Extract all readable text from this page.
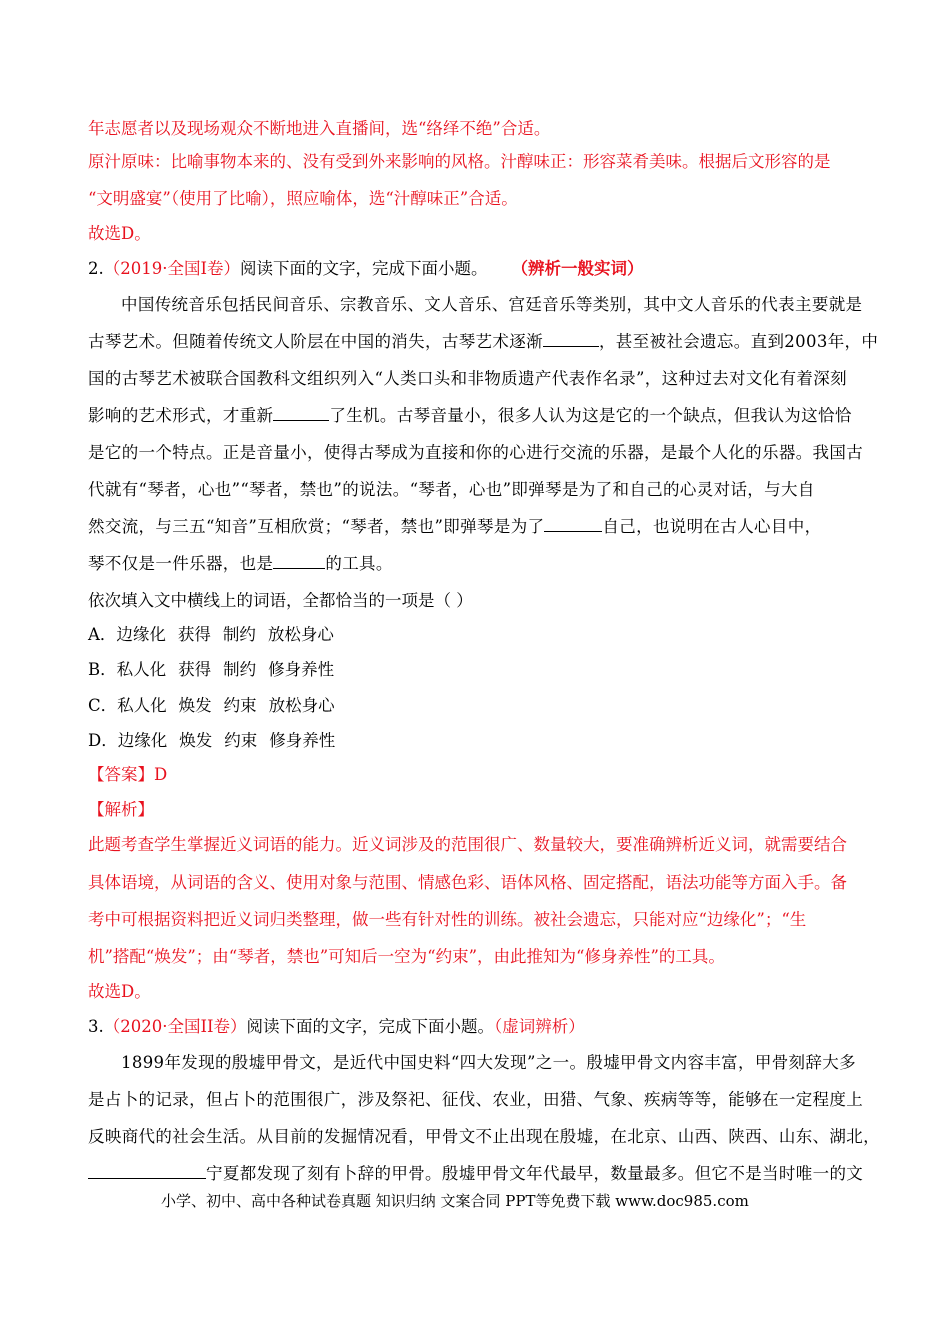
年志愿者以及现场观众不断地进入直播间，选“络绎不绝”合适。
原汁原味：比喻事物本来的、没有受到外来影响的风格。汁醇味正：形容菜肴美味。根据后文形容的是
“文明盛宴”（使用了比喻），照应喻体，选“汁醇味正”合适。
故选D。
2.（2019·全国I卷）阅读下面的文字，完成下面小题。 （辨析一般实词）
中国传统音乐包括民间音乐、宗教音乐、文人音乐、宫廷音乐等类别，其中文人音乐的代表主要就是
古琴艺术。但随着传统文人阶层在中国的消失，古琴艺术逐渐	，甚至被社会遗忘。直到2003年，中
国的古琴艺术被联合国教科文组织列入“人类口头和非物质遗产代表作名录”，这种过去对文化有着深刻
影响的艺术形式，才重新	了生机。古琴音量小，很多人认为这是它的一个缺点，但我认为这恰恰
是它的一个特点。正是音量小，使得古琴成为直接和你的心进行交流的乐器，是最个人化的乐器。我国古
代就有“琴者，心也”“琴者，禁也”的说法。“琴者，心也”即弹琴是为了和自己的心灵对话，与大自
然交流，与三五“知音”互相欣赏；“琴者，禁也”即弹琴是为了	自己，也说明在古人心目中，
琴不仅是一件乐器，也是	的工具。
依次填入文中横线上的词语，全都恰当的一项是（ ）
A．边缘化 获得 制约 放松身心
B．私人化 获得 制约 修身养性
C．私人化 焕发 约束 放松身心
D．边缘化 焕发 约束 修身养性
【答案】D
【解析】
此题考查学生掌握近义词语的能力。近义词涉及的范围很广、数量较大，要准确辨析近义词，就需要结合
具体语境，从词语的含义、使用对象与范围、情感色彩、语体风格、固定搭配，语法功能等方面入手。备
考中可根据资料把近义词归类整理，做一些有针对性的训练。被社会遗忘，只能对应“边缘化”；“生
机”搭配“焕发”；由“琴者，禁也”可知后一空为“约束”，由此推知为“修身养性”的工具。
故选D。
3.（2020·全国II卷）阅读下面的文字，完成下面小题。（虚词辨析）
1899年发现的殷墟甲骨文，是近代中国史料“四大发现”之一。殷墟甲骨文内容丰富，甲骨刻辞大多
是占卜的记录，但占卜的范围很广，涉及祭祀、征伐、农业，田猎、气象、疾病等等，能够在一定程度上
反映商代的社会生活。从目前的发掘情况看，甲骨文不止出现在殷墟，在北京、山西、陕西、山东、湖北，
宁夏都发现了刻有卜辞的甲骨。殷墟甲骨文年代最早，数量最多。但它不是当时唯一的文
小学、初中、高中各种试卷真题 知识归纳 文案合同 PPT等免费下载 www.doc985.com
